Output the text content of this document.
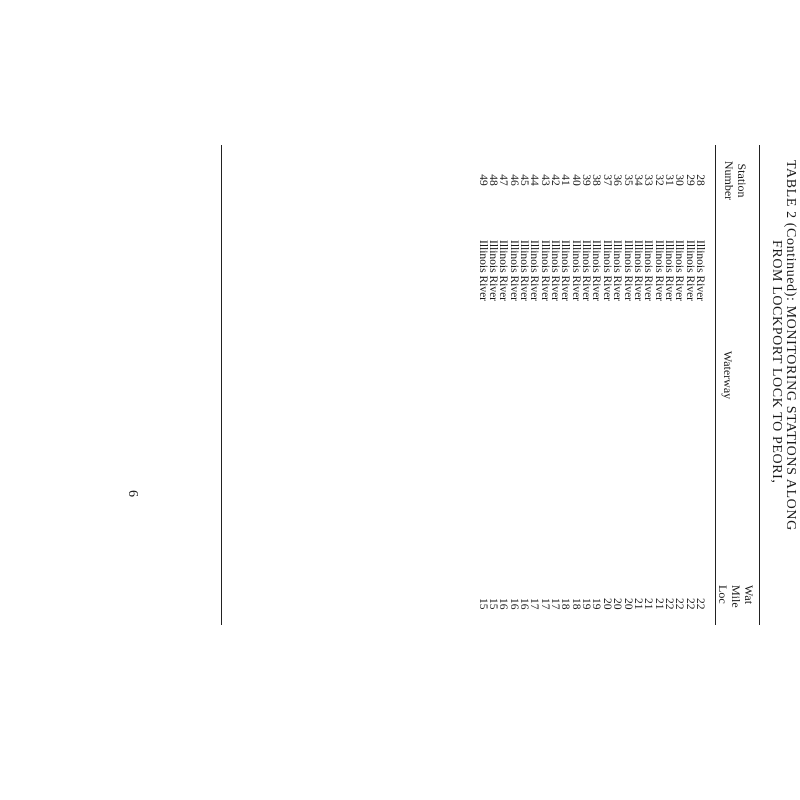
TABLE 2 (Continued): MONITORING STATIONS ALONG
FROM LOCKPORT LOCK TO PEORI,
Station
Number
Waterway
Wat
Mile
Loc
28
Illinois River
22
29
Illinois River
22
30
Illinois River
22
31
Illinois River
22
32
Illinois River
21
33
Illinois River
21
34
Illinois River
21
35
Illinois River
20
36
Illinois River
20
37
Illinois River
20
38
Illinois River
19
39
Illinois River
19
40
Illinois River
18
41
Illinois River
18
42
Illinois River
17
43
Illinois River
17
44
Illinois River
17
45
Illinois River
16
46
Illinois River
16
47
Illinois River
16
48
Illinois River
15
49
Illinois River
15
6
